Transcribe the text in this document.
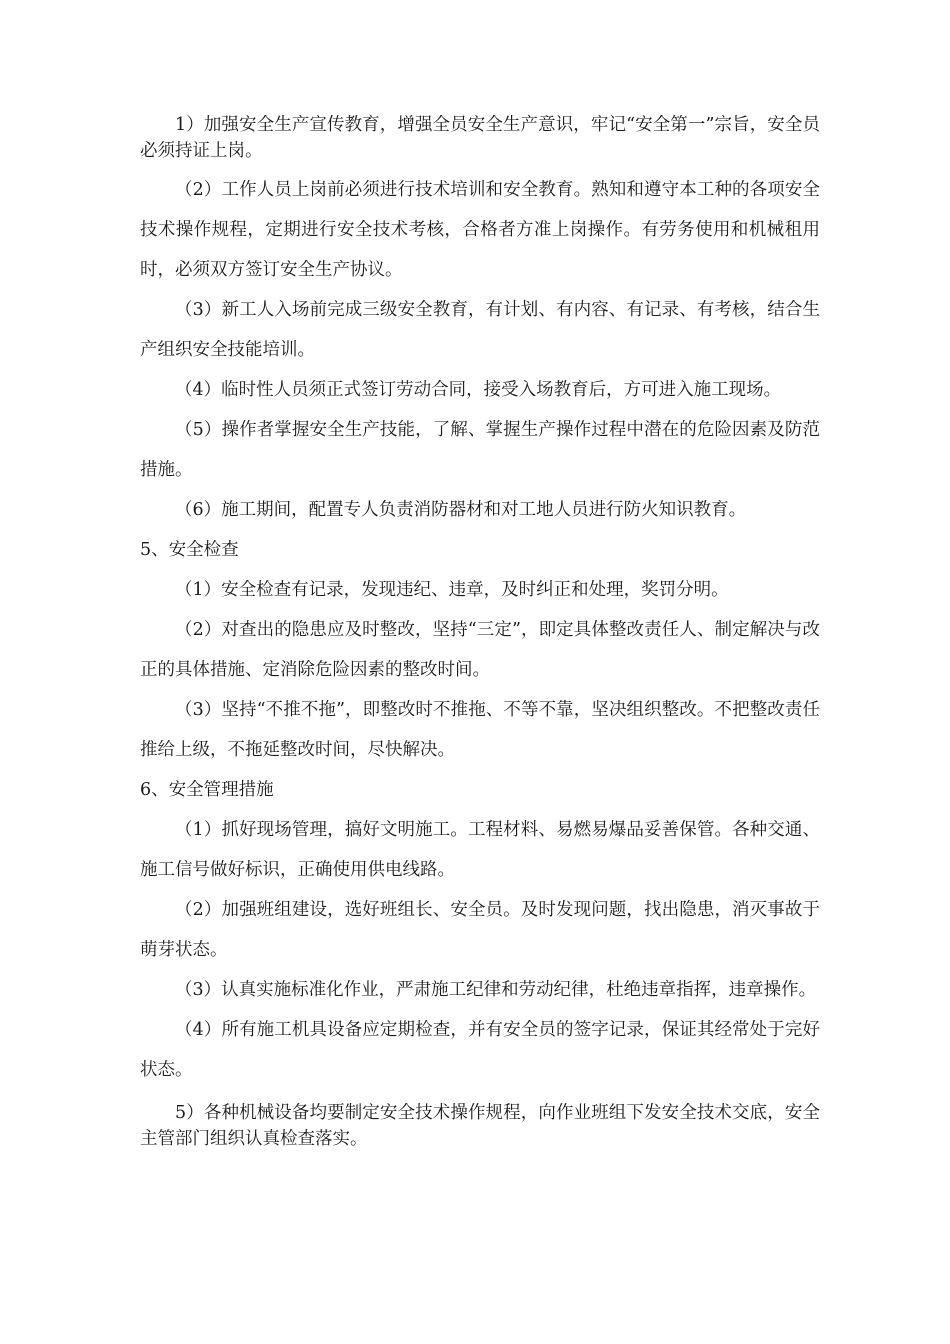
1）加强安全生产宣传教育，增强全员安全生产意识，牢记“安全第一”宗旨，安全员必须持证上岗。

（2）工作人员上岗前必须进行技术培训和安全教育。熟知和遵守本工种的各项安全技术操作规程，定期进行安全技术考核，合格者方准上岗操作。有劳务使用和机械租用时，必须双方签订安全生产协议。

（3）新工人入场前完成三级安全教育，有计划、有内容、有记录、有考核，结合生产组织安全技能培训。

（4）临时性人员须正式签订劳动合同，接受入场教育后，方可进入施工现场。

（5）操作者掌握安全生产技能，了解、掌握生产操作过程中潜在的危险因素及防范措施。

（6）施工期间，配置专人负责消防器材和对工地人员进行防火知识教育。

5、安全检查

（1）安全检查有记录，发现违纪、违章，及时纠正和处理，奖罚分明。

（2）对查出的隐患应及时整改，坚持“三定”，即定具体整改责任人、制定解决与改正的具体措施、定消除危险因素的整改时间。

（3）坚持“不推不拖”，即整改时不推拖、不等不靠，坚决组织整改。不把整改责任推给上级，不拖延整改时间，尽快解决。

6、安全管理措施

（1）抓好现场管理，搞好文明施工。工程材料、易燃易爆品妥善保管。各种交通、施工信号做好标识，正确使用供电线路。

（2）加强班组建设，选好班组长、安全员。及时发现问题，找出隐患，消灭事故于萌芽状态。

（3）认真实施标准化作业，严肃施工纪律和劳动纪律，杜绝违章指挥，违章操作。

（4）所有施工机具设备应定期检查，并有安全员的签字记录，保证其经常处于完好状态。

5）各种机械设备均要制定安全技术操作规程，向作业班组下发安全技术交底，安全主管部门组织认真检查落实。
